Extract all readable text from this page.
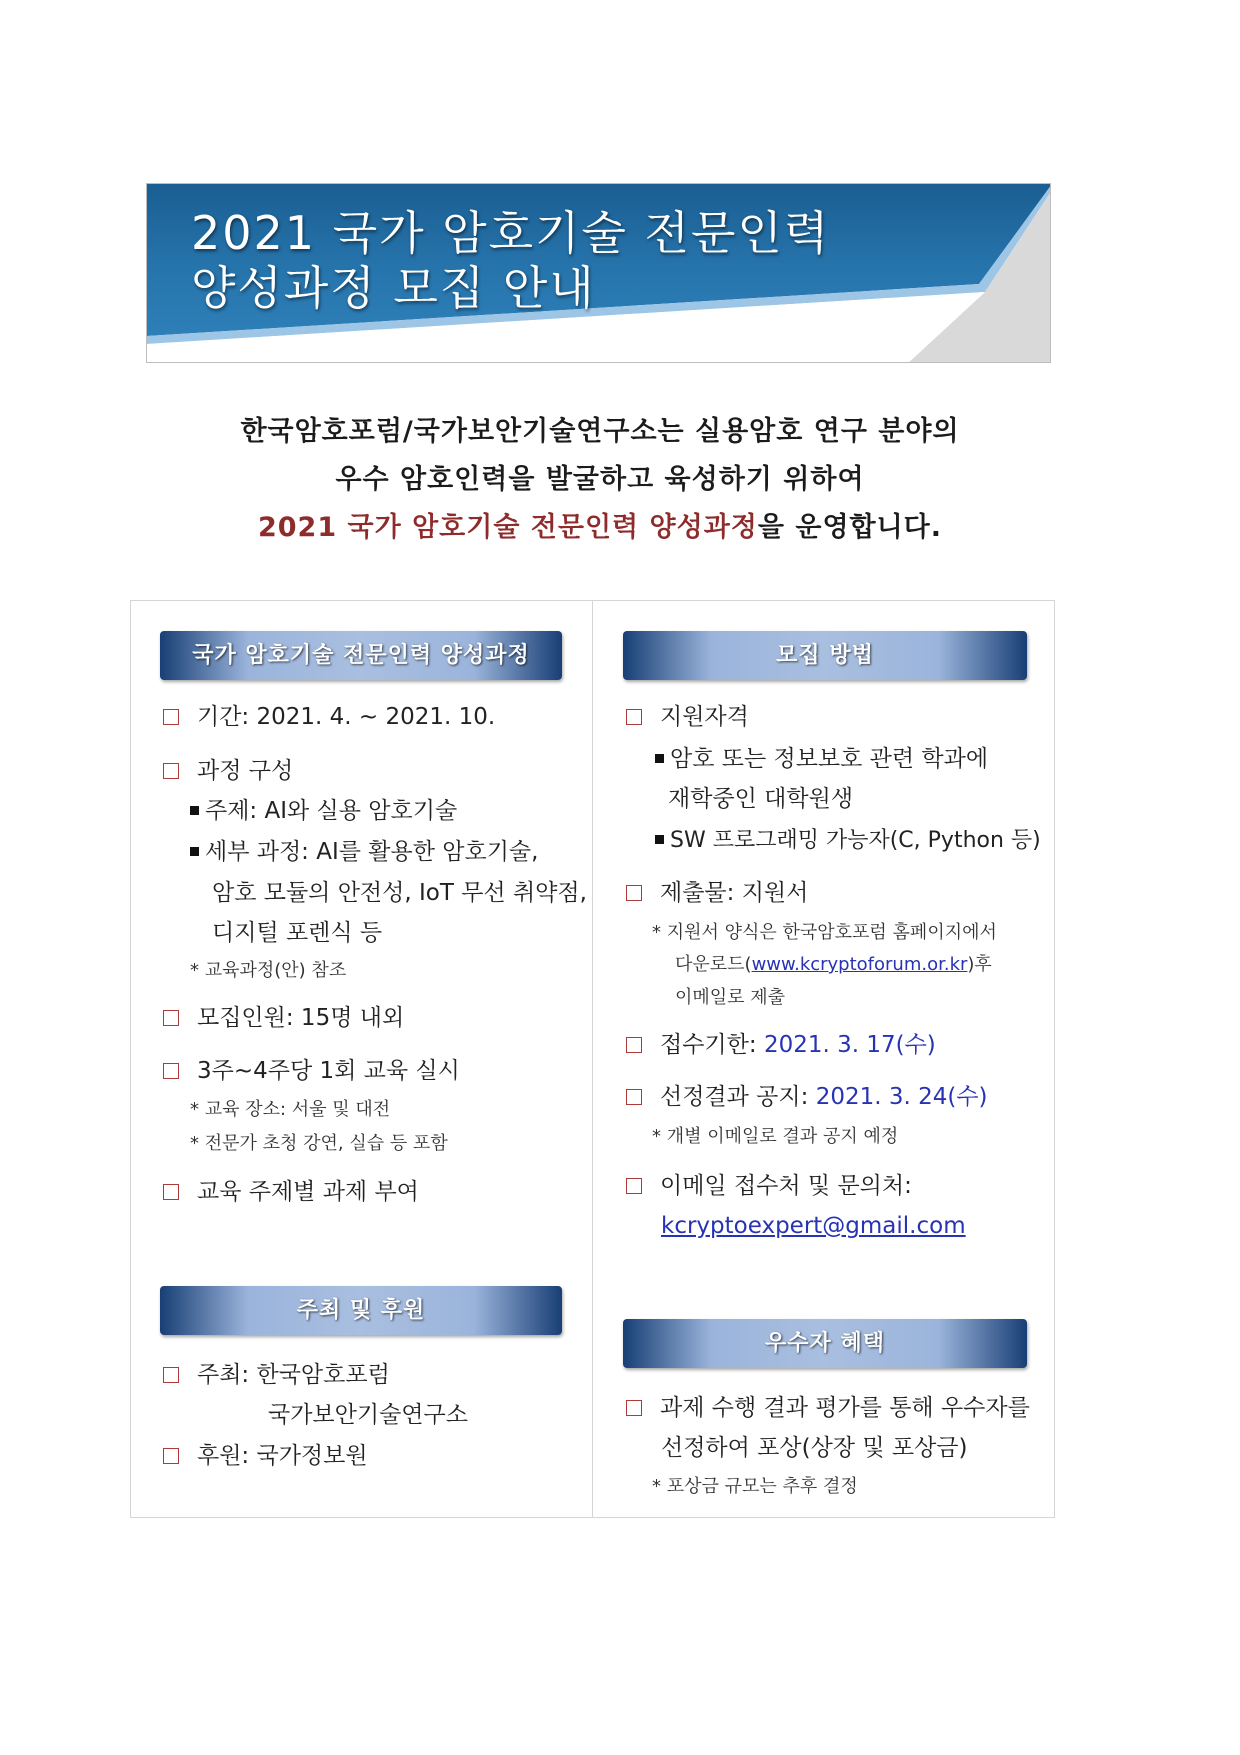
2021 국가 암호기술 전문인력
양성과정 모집 안내
한국암호포럼/국가보안기술연구소는 실용암호 연구 분야의
우수 암호인력을 발굴하고 육성하기 위하여
2021 국가 암호기술 전문인력 양성과정을 운영합니다.
국가 암호기술 전문인력 양성과정
기간: 2021. 4. ~ 2021. 10.
과정 구성
주제: AI와 실용 암호기술
세부 과정: AI를 활용한 암호기술,
암호 모듈의 안전성, IoT 무선 취약점,
디지털 포렌식 등
* 교육과정(안) 참조
모집인원: 15명 내외
3주~4주당 1회 교육 실시
* 교육 장소: 서울 및 대전
* 전문가 초청 강연, 실습 등 포함
교육 주제별 과제 부여
주최 및 후원
주최: 한국암호포럼
국가보안기술연구소
후원: 국가정보원
모집 방법
지원자격
암호 또는 정보보호 관련 학과에
재학중인 대학원생
SW 프로그래밍 가능자(C, Python 등)
제출물: 지원서
* 지원서 양식은 한국암호포럼 홈페이지에서
다운로드(www.kcryptoforum.or.kr)후
이메일로 제출
접수기한: 2021. 3. 17(수)
선정결과 공지: 2021. 3. 24(수)
* 개별 이메일로 결과 공지 예정
이메일 접수처 및 문의처:
kcryptoexpert@gmail.com
우수자 혜택
과제 수행 결과 평가를 통해 우수자를
선정하여 포상(상장 및 포상금)
* 포상금 규모는 추후 결정
